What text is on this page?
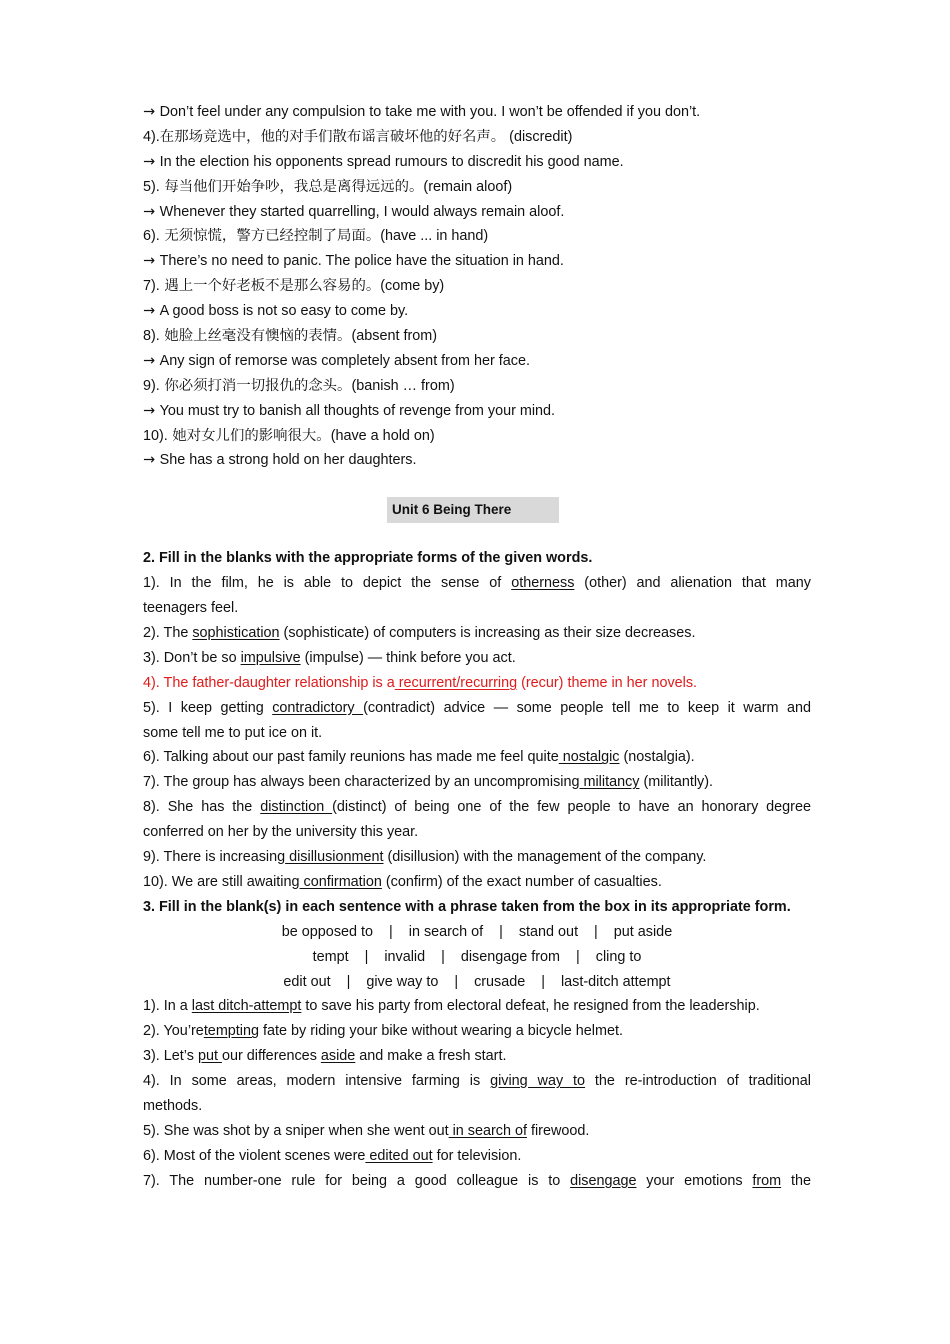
→ Don’t feel under any compulsion to take me with you. I won’t be offended if you don’t.
4).在那场竞选中，他的对手们散布谣言破坏他的好名声。 (discredit)
→ In the election his opponents spread rumours to discredit his good name.
5). 每当他们开始争吵，我总是离得远远的。(remain aloof)
→ Whenever they started quarrelling, I would always remain aloof.
6). 无须惊慌，警方已经控制了局面。(have ... in hand)
→ There’s no need to panic. The police have the situation in hand.
7). 遇上一个好老板不是那么容易的。(come by)
→ A good boss is not so easy to come by.
8). 她脸上丝毫没有懊恼的表情。(absent from)
→ Any sign of remorse was completely absent from her face.
9). 你必须打消一切报仇的念头。(banish … from)
→ You must try to banish all thoughts of revenge from your mind.
10). 她对女儿们的影响很大。(have a hold on)
→ She has a strong hold on her daughters.
Unit 6 Being There
2. Fill in the blanks with the appropriate forms of the given words.
1). In the film, he is able to depict the sense of otherness (other) and alienation that many
teenagers feel.
2). The sophistication (sophisticate) of computers is increasing as their size decreases.
3). Don’t be so impulsive (impulse) — think before you act.
4). The father-daughter relationship is a recurrent/recurring (recur) theme in her novels.
5). I keep getting contradictory (contradict) advice — some people tell me to keep it warm and
some tell me to put ice on it.
6). Talking about our past family reunions has made me feel quite nostalgic (nostalgia).
7). The group has always been characterized by an uncompromising militancy (militantly).
8). She has the distinction (distinct) of being one of the few people to have an honorary degree
conferred on her by the university this year.
9). There is increasing disillusionment (disillusion) with the management of the company.
10). We are still awaiting confirmation (confirm) of the exact number of casualties.
3. Fill in the blank(s) in each sentence with a phrase taken from the box in its appropriate form.
be opposed to    |    in search of    |    stand out    |    put aside
tempt    |    invalid    |    disengage from    |    cling to
edit out    |    give way to    |    crusade    |    last-ditch attempt
1). In a last ditch-attempt to save his party from electoral defeat, he resigned from the leadership.
2). You’retempting fate by riding your bike without wearing a bicycle helmet.
3). Let’s put our differences aside and make a fresh start.
4). In some areas, modern intensive farming is giving way to the re-introduction of traditional
methods.
5). She was shot by a sniper when she went out in search of firewood.
6). Most of the violent scenes were edited out for television.
7). The number-one rule for being a good colleague is to disengage your emotions from the
